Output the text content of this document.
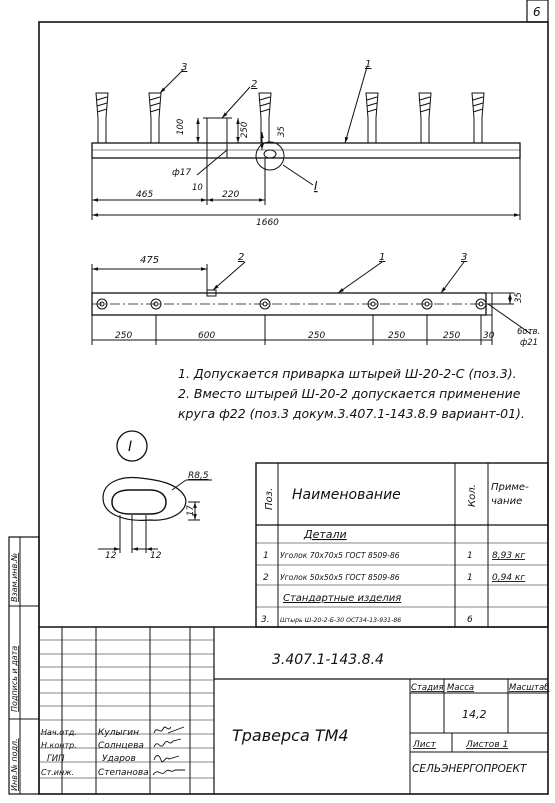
6
3
2
1
I
100	250	35
ф17
10
220
465
1660
2	1	3
475
35
6отв.
ф21
250	600	250	250	250	30
I
R8,5
17
12	12
Поз. Наименование	Кол. Приме-
чание
Детали
1 Уголок 70х70х5 ГОСТ 8509-86	1 8,93 кг
2 Уголок 50х50х5 ГОСТ 8509-86	1 0,94 кг
Стандартные изделия
3. Штырь Ш-20-2-Б-30 ОСТ34-13-931-86	6
3.407.1-143.8.4
Траверса ТМ4
Стадия Масса	Масштаб
14,2
Лист	Листов 1
СЕЛЬЭНЕРГОПРОЕКТ
Нач.отд. Кулыгин
Н.контр. Солнцева
ГИП	Ударов
Ст.инж.	Степанова
Инв.№ подл.
Подпись и дата
Взам.инв.№
1. Допускается приварка штырей Ш-20-2-С (поз.3).
2. Вместо штырей Ш-20-2 допускается применение
круга ф22 (поз.3 докум.3.407.1-143.8.9 вариант-01).
